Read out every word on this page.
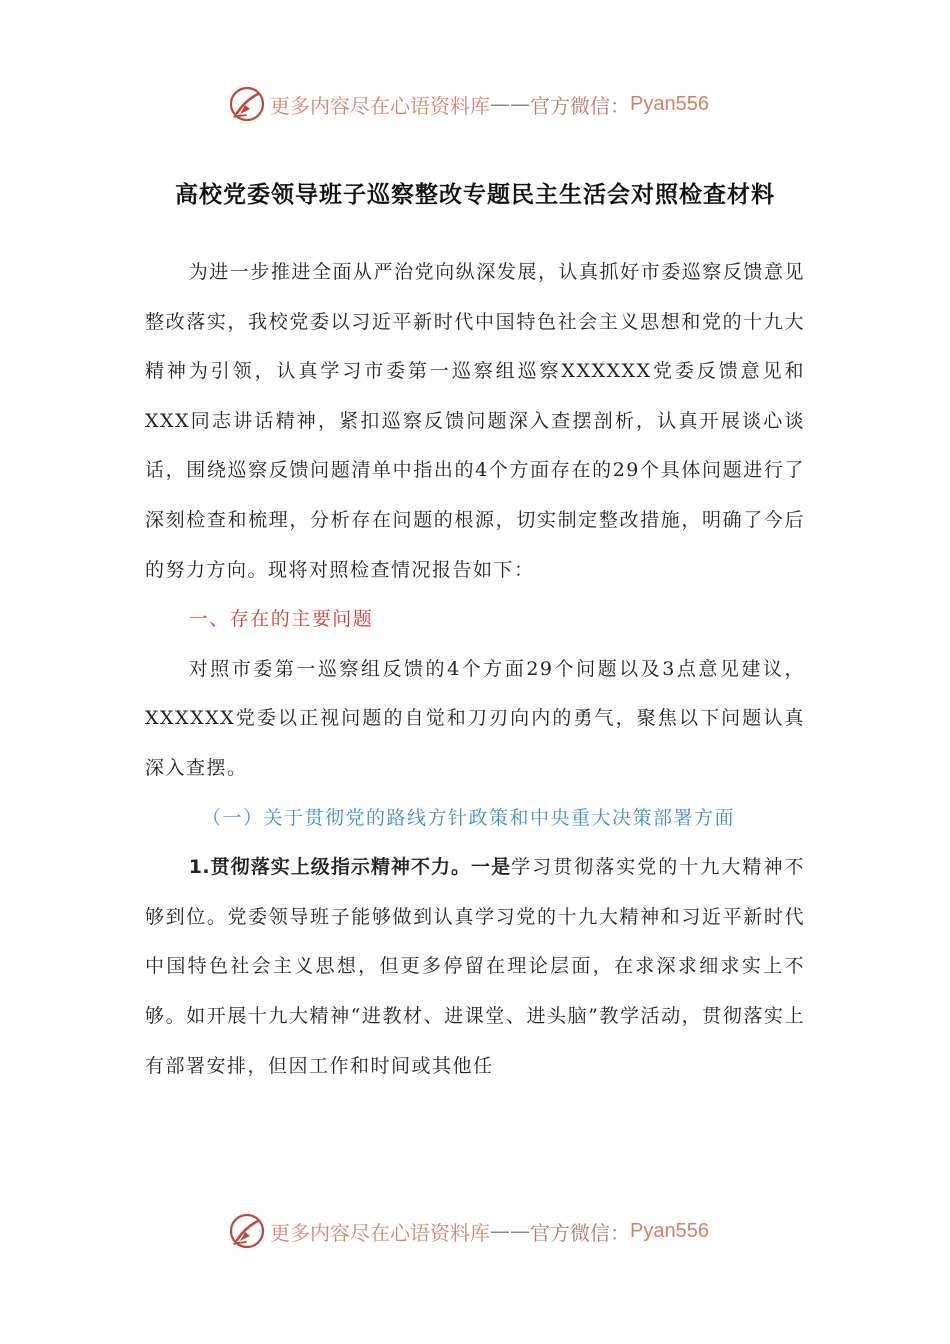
更多内容尽在心语资料库 —— 官方微信： Pyan556
高校党委领导班子巡察整改专题民主生活会对照检查材料

为进一步推进全面从严治党向纵深发展，认真抓好市委巡察反馈意见整改落实，我校党委以习近平新时代中国特色社会主义思想和党的十九大精神为引领，认真学习市委第一巡察组巡察XXXXXX党委反馈意见和XXX同志讲话精神，紧扣巡察反馈问题深入查摆剖析，认真开展谈心谈话，围绕巡察反馈问题清单中指出的4个方面存在的29个具体问题进行了深刻检查和梳理，分析存在问题的根源，切实制定整改措施，明确了今后的努力方向。现将对照检查情况报告如下：

一、存在的主要问题

对照市委第一巡察组反馈的4个方面29个问题以及3点意见建议，XXXXXX党委以正视问题的自觉和刀刃向内的勇气，聚焦以下问题认真深入查摆。

（一）关于贯彻党的路线方针政策和中央重大决策部署方面

1.贯彻落实上级指示精神不力。一是学习贯彻落实党的十九大精神不够到位。党委领导班子能够做到认真学习党的十九大精神和习近平新时代中国特色社会主义思想，但更多停留在理论层面，在求深求细求实上不够。如开展十九大精神“进教材、进课堂、进头脑”教学活动，贯彻落实上有部署安排，但因工作和时间或其他任

更多内容尽在心语资料库 —— 官方微信： Pyan556
